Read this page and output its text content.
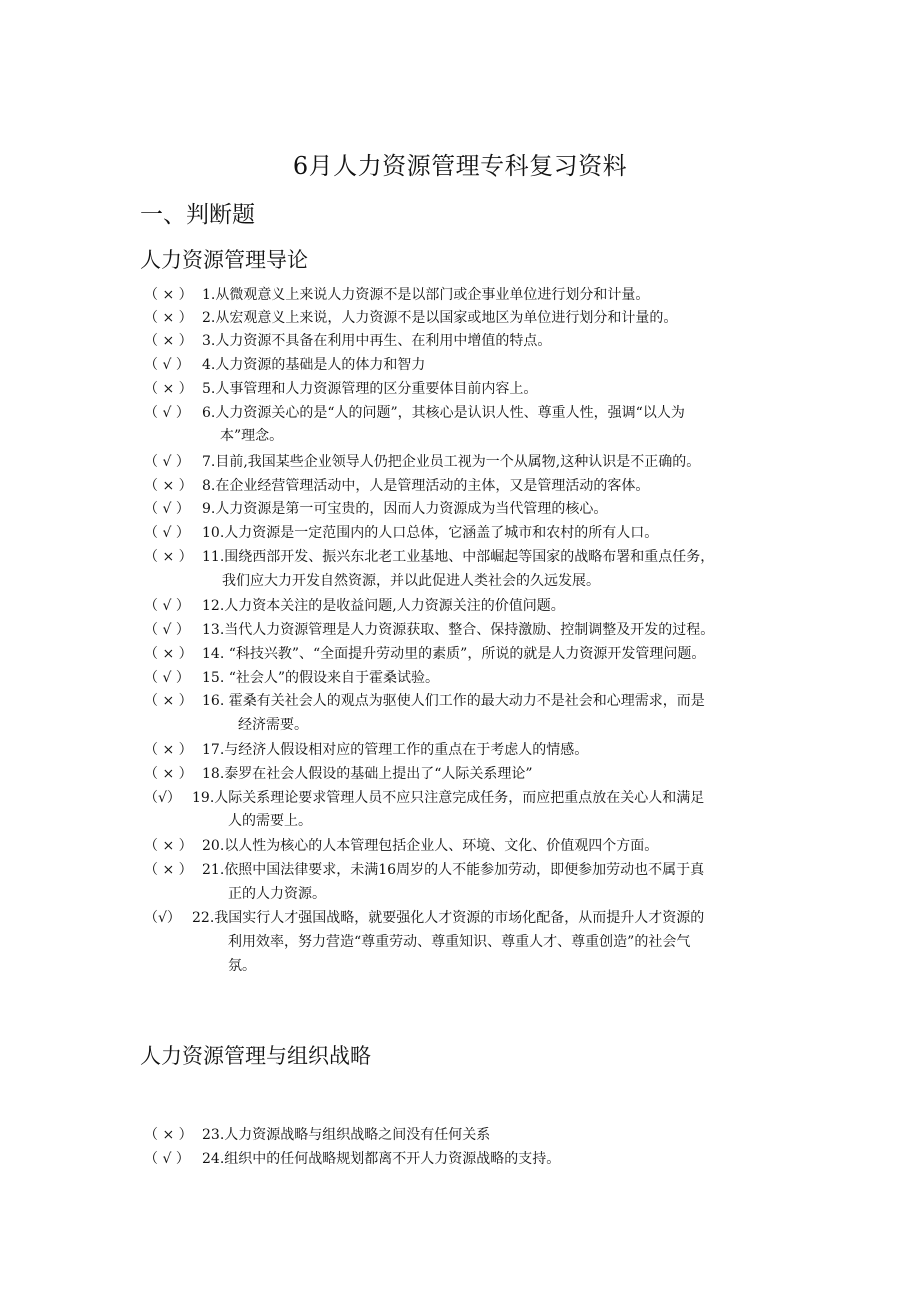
6月人力资源管理专科复习资料
一、判断题
人力资源管理导论
（ × ） 1.从微观意义上来说人力资源不是以部门或企事业单位进行划分和计量。
（ × ） 2.从宏观意义上来说，人力资源不是以国家或地区为单位进行划分和计量的。
（ × ） 3.人力资源不具备在利用中再生、在利用中增值的特点。
（ √ ） 4.人力资源的基础是人的体力和智力
（ × ） 5.人事管理和人力资源管理的区分重要体目前内容上。
（ √ ） 6.人力资源关心的是“人的问题”，其核心是认识人性、尊重人性，强调“以人为
本”理念。
（ √ ） 7.目前,我国某些企业领导人仍把企业员工视为一个从属物,这种认识是不正确的。
（ × ） 8.在企业经营管理活动中，人是管理活动的主体，又是管理活动的客体。
（ √ ） 9.人力资源是第一可宝贵的，因而人力资源成为当代管理的核心。
（ √ ） 10.人力资源是一定范围内的人口总体，它涵盖了城市和农村的所有人口。
（ × ） 11.围绕西部开发、振兴东北老工业基地、中部崛起等国家的战略布署和重点任务，
我们应大力开发自然资源，并以此促进人类社会的久远发展。
（ √ ） 12.人力资本关注的是收益问题,人力资源关注的价值问题。
（ √ ） 13.当代人力资源管理是人力资源获取、整合、保持激励、控制调整及开发的过程。
（ × ） 14. “科技兴教”、“全面提升劳动里的素质”，所说的就是人力资源开发管理问题。
（ √ ） 15. “社会人”的假设来自于霍桑试验。
（ × ） 16. 霍桑有关社会人的观点为驱使人们工作的最大动力不是社会和心理需求，而是
经济需要。
（ × ） 17.与经济人假设相对应的管理工作的重点在于考虑人的情感。
（ × ） 18.泰罗在社会人假设的基础上提出了“人际关系理论”
（√） 19.人际关系理论要求管理人员不应只注意完成任务，而应把重点放在关心人和满足
人的需要上。
（ × ） 20.以人性为核心的人本管理包括企业人、环境、文化、价值观四个方面。
（ × ） 21.依照中国法律要求，未满16周岁的人不能参加劳动，即便参加劳动也不属于真
正的人力资源。
（√） 22.我国实行人才强国战略，就要强化人才资源的市场化配备，从而提升人才资源的
利用效率，努力营造“尊重劳动、尊重知识、尊重人才、尊重创造”的社会气
氛。
人力资源管理与组织战略
（ × ） 23.人力资源战略与组织战略之间没有任何关系
（ √ ） 24.组织中的任何战略规划都离不开人力资源战略的支持。
